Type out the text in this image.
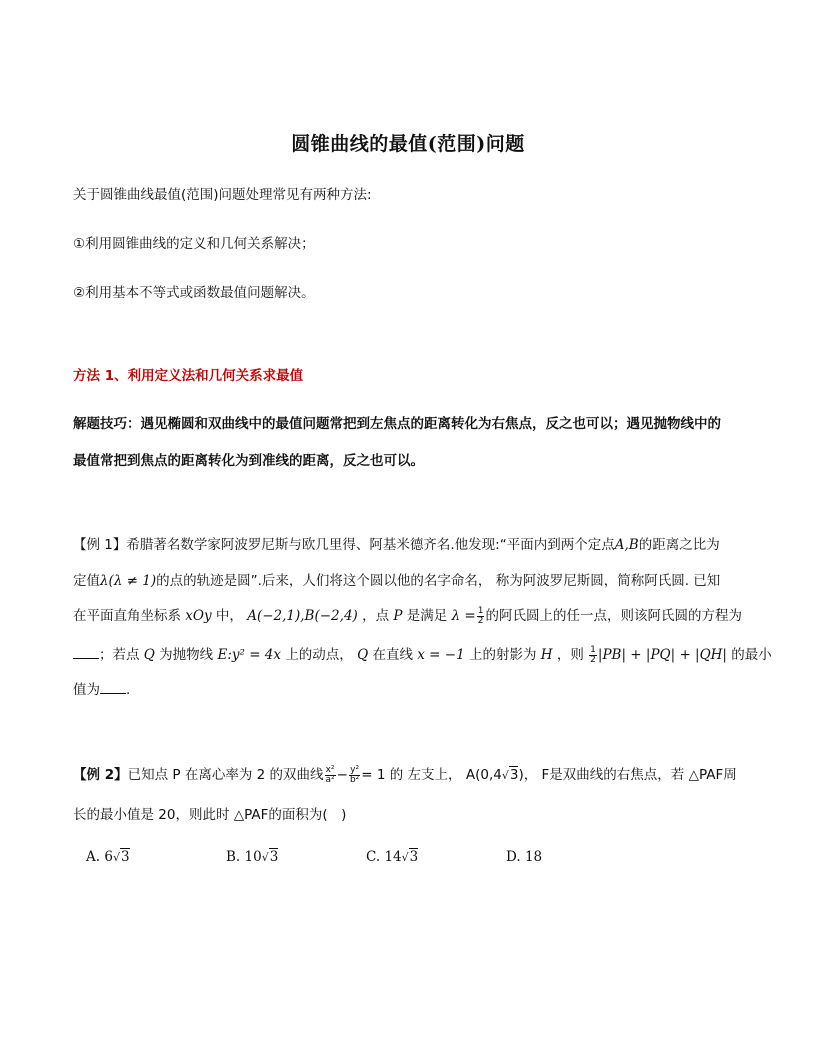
圆锥曲线的最值(范围)问题
关于圆锥曲线最值(范围)问题处理常见有两种方法:
①利用圆锥曲线的定义和几何关系解决；
②利用基本不等式或函数最值问题解决。
方法 1、利用定义法和几何关系求最值
解题技巧：遇见椭圆和双曲线中的最值问题常把到左焦点的距离转化为右焦点，反之也可以；遇见抛物线中的
最值常把到焦点的距离转化为到准线的距离，反之也可以。
【例 1】希腊著名数学家阿波罗尼斯与欧几里得、阿基米德齐名.他发现:“平面内到两个定点A,B的距离之比为
定值λ(λ ≠ 1)的点的轨迹是圆”.后来，人们将这个圆以他的名字命名， 称为阿波罗尼斯圆，简称阿氏圆. 已知
在平面直角坐标系 xOy 中， A(−2,1),B(−2,4) ，点 P 是满足 $\lambda = \frac{1}{2}$ 的阿氏圆上的任一点，则该阿氏圆的方程为
；若点 Q 为抛物线 E:y² = 4x 上的动点， Q 在直线 x = −1 上的射影为 H ，则 $\frac{1}{2} |PB| + |PQ| + |QH|$ 的最小
值为 .
【例 2】已知点 P 在离心率为 2 的双曲线 $\frac{\text{x²}}{\text{a²}} - \frac{\text{y²}}{\text{b²}} = 1$ 的 左支上， A(0,4√3)， F是双曲线的右焦点，若 △PAF周
长的最小值是 20，则此时 △PAF的面积为(　)
A. 6√3	B. 10√3	C. 14√3	D. 18
